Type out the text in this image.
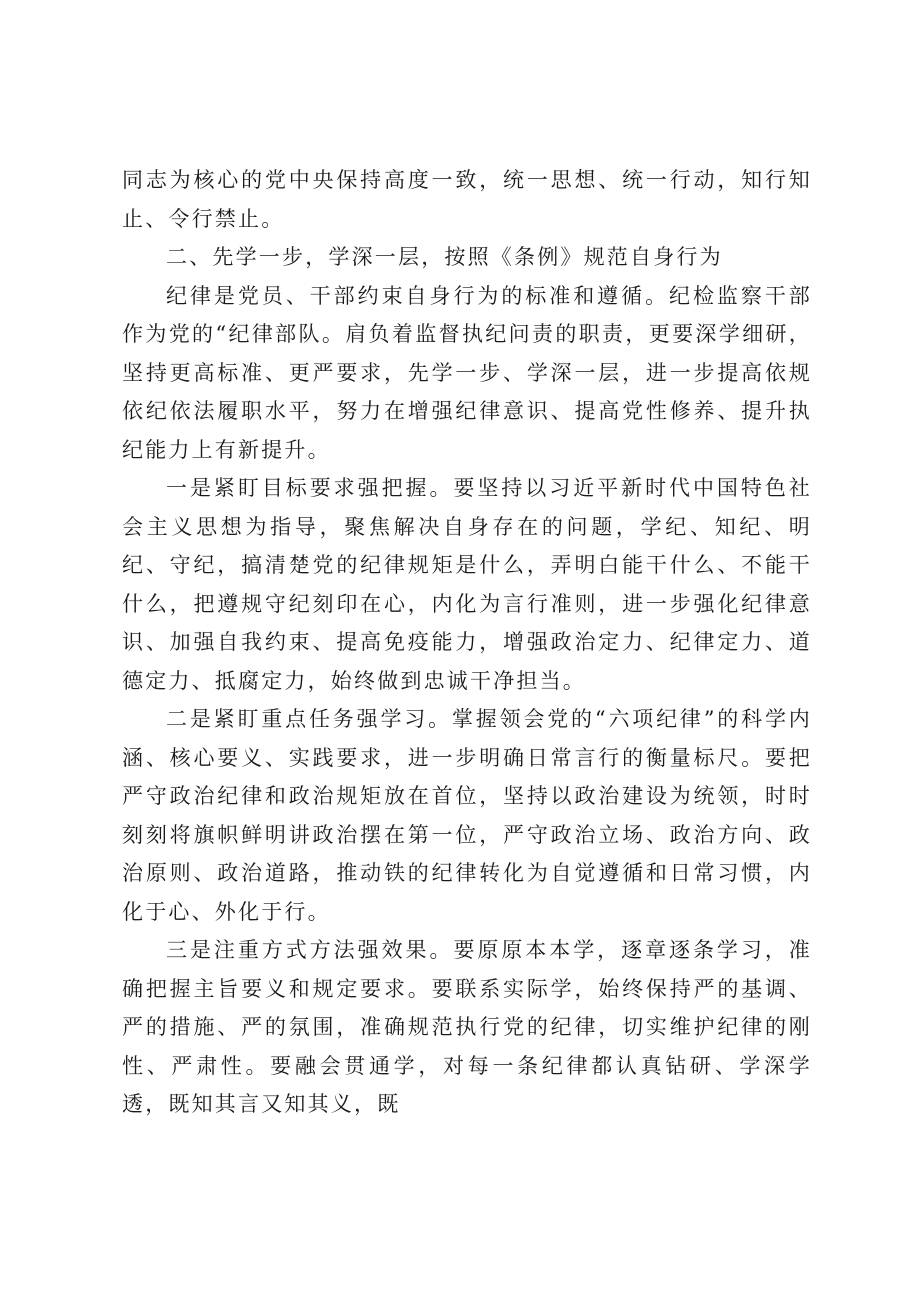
同志为核心的党中央保持高度一致，统一思想、统一行动，知行知止、令行禁止。

二、先学一步，学深一层，按照《条例》规范自身行为

纪律是党员、干部约束自身行为的标准和遵循。纪检监察干部作为党的“纪律部队。肩负着监督执纪问责的职责，更要深学细研，坚持更高标准、更严要求，先学一步、学深一层，进一步提高依规依纪依法履职水平，努力在增强纪律意识、提高党性修养、提升执纪能力上有新提升。

一是紧盯目标要求强把握。要坚持以习近平新时代中国特色社会主义思想为指导，聚焦解决自身存在的问题，学纪、知纪、明纪、守纪，搞清楚党的纪律规矩是什么，弄明白能干什么、不能干什么，把遵规守纪刻印在心，内化为言行准则，进一步强化纪律意识、加强自我约束、提高免疫能力，增强政治定力、纪律定力、道德定力、抵腐定力，始终做到忠诚干净担当。

二是紧盯重点任务强学习。掌握领会党的“六项纪律”的科学内涵、核心要义、实践要求，进一步明确日常言行的衡量标尺。要把严守政治纪律和政治规矩放在首位，坚持以政治建设为统领，时时刻刻将旗帜鲜明讲政治摆在第一位，严守政治立场、政治方向、政治原则、政治道路，推动铁的纪律转化为自觉遵循和日常习惯，内化于心、外化于行。

三是注重方式方法强效果。要原原本本学，逐章逐条学习，准确把握主旨要义和规定要求。要联系实际学，始终保持严的基调、严的措施、严的氛围，准确规范执行党的纪律，切实维护纪律的刚性、严肃性。要融会贯通学，对每一条纪律都认真钻研、学深学透，既知其言又知其义，既
